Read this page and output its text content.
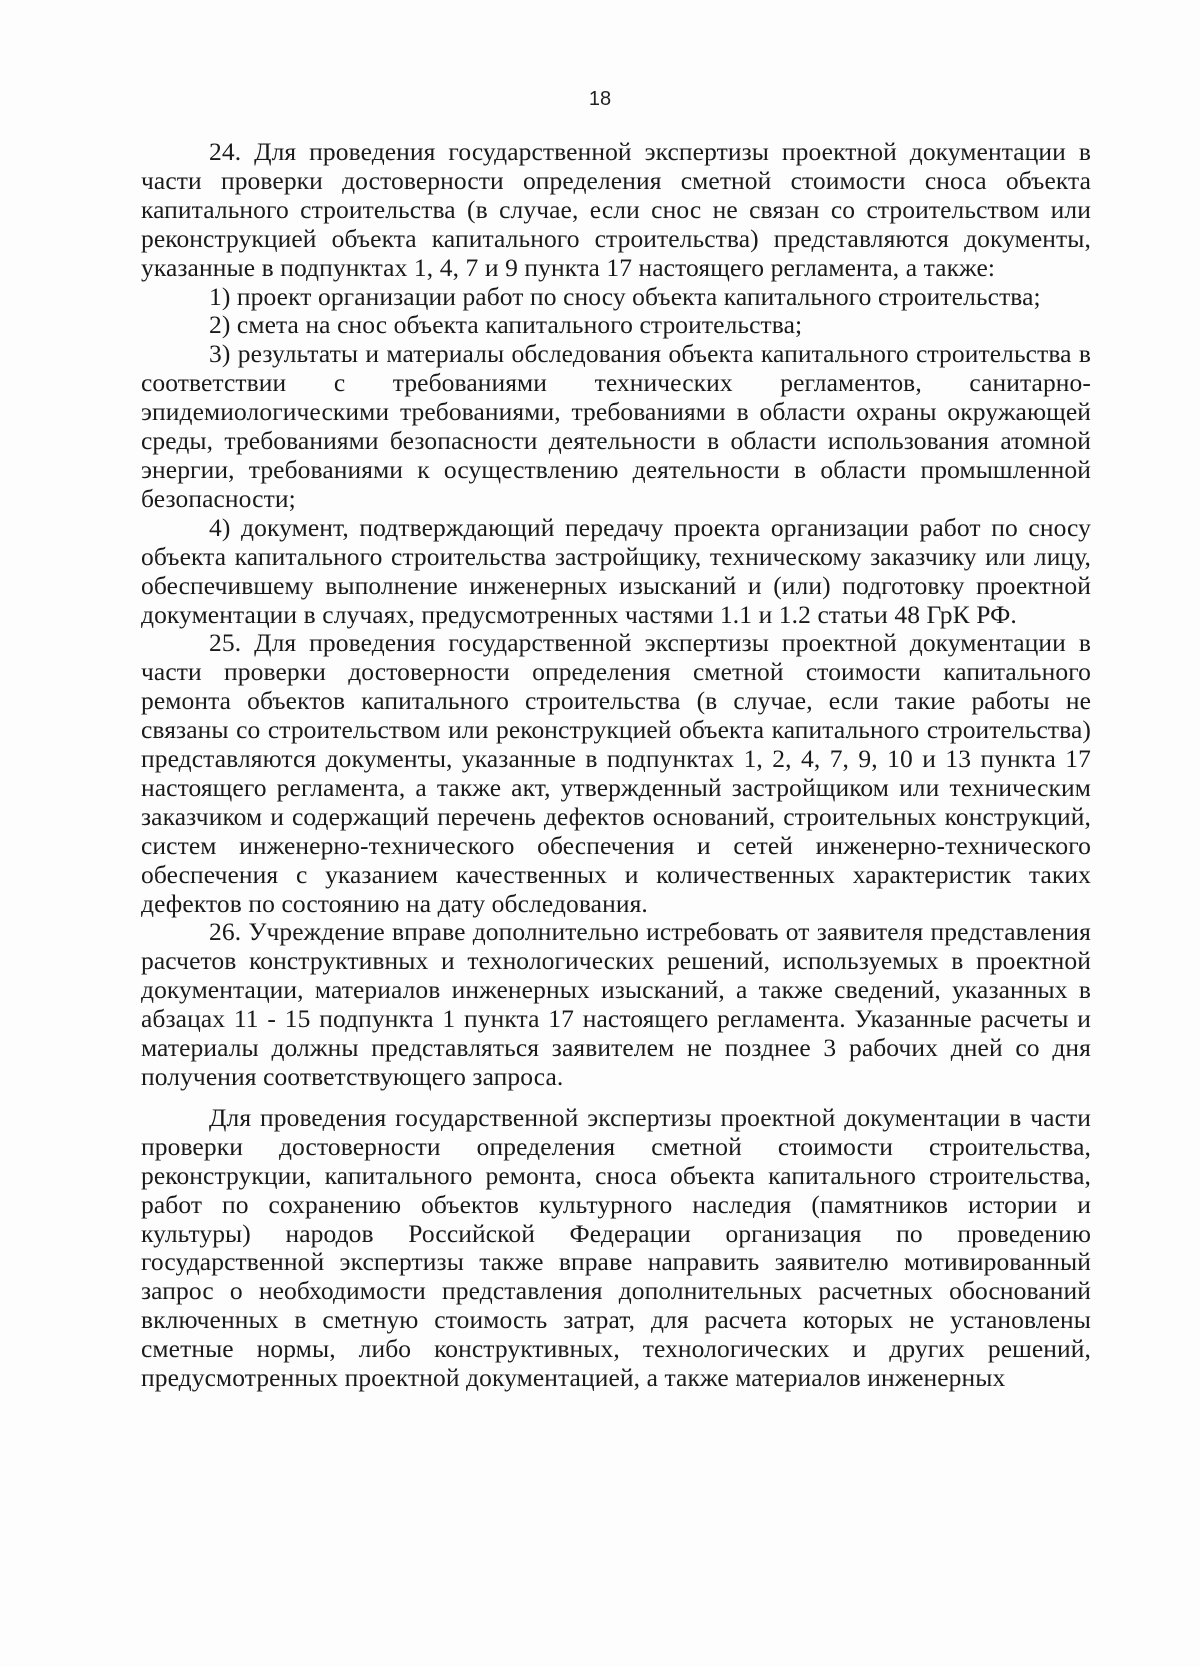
18

24. Для проведения государственной экспертизы проектной документации в части проверки достоверности определения сметной стоимости сноса объекта капитального строительства (в случае, если снос не связан со строительством или реконструкцией объекта капитального строительства) представляются документы, указанные в подпунктах 1, 4, 7 и 9 пункта 17 настоящего регламента, а также:

1) проект организации работ по сносу объекта капитального строительства;

2) смета на снос объекта капитального строительства;

3) результаты и материалы обследования объекта капитального строительства в соответствии с требованиями технических регламентов, санитарно-эпидемиологическими требованиями, требованиями в области охраны окружающей среды, требованиями безопасности деятельности в области использования атомной энергии, требованиями к осуществлению деятельности в области промышленной безопасности;

4) документ, подтверждающий передачу проекта организации работ по сносу объекта капитального строительства застройщику, техническому заказчику или лицу, обеспечившему выполнение инженерных изысканий и (или) подготовку проектной документации в случаях, предусмотренных частями 1.1 и 1.2 статьи 48 ГрК РФ.

25. Для проведения государственной экспертизы проектной документации в части проверки достоверности определения сметной стоимости капитального ремонта объектов капитального строительства (в случае, если такие работы не связаны со строительством или реконструкцией объекта капитального строительства) представляются документы, указанные в подпунктах 1, 2, 4, 7, 9, 10 и 13 пункта 17 настоящего регламента, а также акт, утвержденный застройщиком или техническим заказчиком и содержащий перечень дефектов оснований, строительных конструкций, систем инженерно-технического обеспечения и сетей инженерно-технического обеспечения с указанием качественных и количественных характеристик таких дефектов по состоянию на дату обследования.

26. Учреждение вправе дополнительно истребовать от заявителя представления расчетов конструктивных и технологических решений, используемых в проектной документации, материалов инженерных изысканий, а также сведений, указанных в абзацах 11 - 15 подпункта 1 пункта 17 настоящего регламента. Указанные расчеты и материалы должны представляться заявителем не позднее 3 рабочих дней со дня получения соответствующего запроса.

Для проведения государственной экспертизы проектной документации в части проверки достоверности определения сметной стоимости строительства, реконструкции, капитального ремонта, сноса объекта капитального строительства, работ по сохранению объектов культурного наследия (памятников истории и культуры) народов Российской Федерации организация по проведению государственной экспертизы также вправе направить заявителю мотивированный запрос о необходимости представления дополнительных расчетных обоснований включенных в сметную стоимость затрат, для расчета которых не установлены сметные нормы, либо конструктивных, технологических и других решений, предусмотренных проектной документацией, а также материалов инженерных
